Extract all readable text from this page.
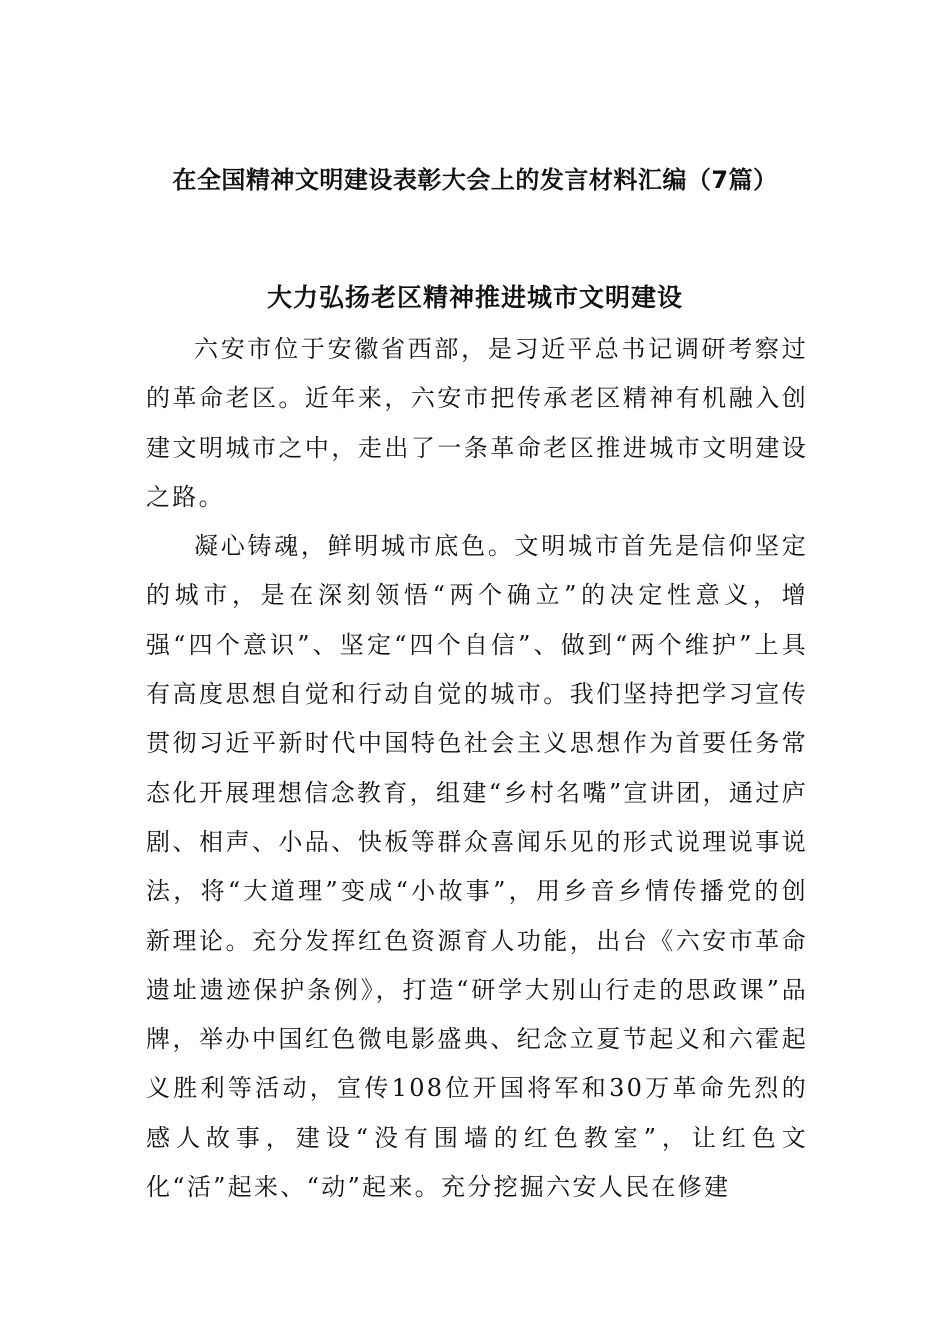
在全国精神文明建设表彰大会上的发言材料汇编（7篇）
大力弘扬老区精神推进城市文明建设

六安市位于安徽省西部，是习近平总书记调研考察过的革命老区。近年来，六安市把传承老区精神有机融入创建文明城市之中，走出了一条革命老区推进城市文明建设之路。

凝心铸魂，鲜明城市底色。文明城市首先是信仰坚定的城市，是在深刻领悟“两个确立”的决定性意义，增强“四个意识”、坚定“四个自信”、做到“两个维护”上具有高度思想自觉和行动自觉的城市。我们坚持把学习宣传贯彻习近平新时代中国特色社会主义思想作为首要任务常态化开展理想信念教育，组建“乡村名嘴”宣讲团，通过庐剧、相声、小品、快板等群众喜闻乐见的形式说理说事说法，将“大道理”变成“小故事”，用乡音乡情传播党的创新理论。充分发挥红色资源育人功能，出台《六安市革命遗址遗迹保护条例》，打造“研学大别山行走的思政课”品牌，举办中国红色微电影盛典、纪念立夏节起义和六霍起义胜利等活动，宣传108位开国将军和30万革命先烈的感人故事，建设“没有围墙的红色教室”，让红色文化“活”起来、“动”起来。充分挖掘六安人民在修建
